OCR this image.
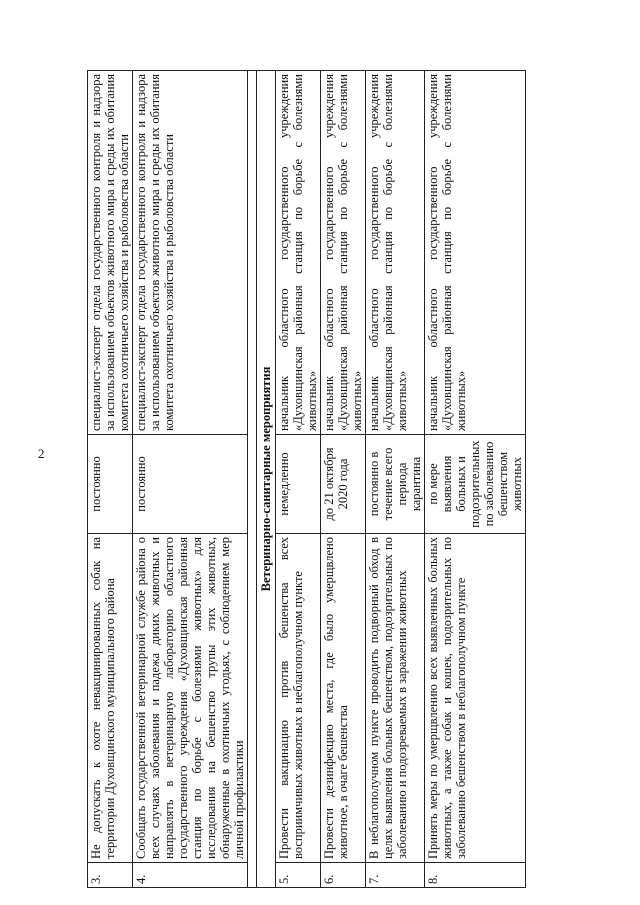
2
3.	Не допускать к охоте невакцинированных собак на территории Духовщинского муниципального района	постоянно	специалист-эксперт отдела государственного контроля и надзора за использованием объектов животного мира и среды их обитания комитета охотничьего хозяйства и рыболовства области
4.	Сообщать государственной ветеринарной службе района о всех случаях заболевания и падежа диких животных и направлять в ветеринарную лабораторию областного государственного учреждения «Духовщинская районная станция по борьбе с болезнями животных» для исследования на бешенство трупы этих животных, обнаруженные в охотничьих угодьях, с соблюдением мер личной профилактики	постоянно	специалист-эксперт отдела государственного контроля и надзора за использованием объектов животного мира и среды их обитания комитета охотничьего хозяйства и рыболовства области

Ветеринарно-санитарные мероприятия			
5.	Провести вакцинацию против бешенства всех восприимчивых животных в неблагополучном пункте	немедленно	начальник областного государственного учреждения «Духовщинская районная станция по борьбе с болезнями животных»
6.	Провести дезинфекцию места, где было умерщвлено животное, в очаге бешенства	до 21 октября 2020 года	начальник областного государственного учреждения «Духовщинская районная станция по борьбе с болезнями животных»
7.	В неблагополучном пункте проводить подворный обход в целях выявления больных бешенством, подозрительных по заболеванию и подозреваемых в заражении животных	постоянно в течение всего периода карантина	начальник областного государственного учреждения «Духовщинская районная станция по борьбе с болезнями животных»
8.	Принять меры по умерщвлению всех выявленных больных животных, а также собак и кошек, подозрительных по заболеванию бешенством в неблагополучном пункте	по мере выявления больных и подозрительных по заболеванию бешенством животных	начальник областного государственного учреждения «Духовщинская районная станция по борьбе с болезнями животных»
